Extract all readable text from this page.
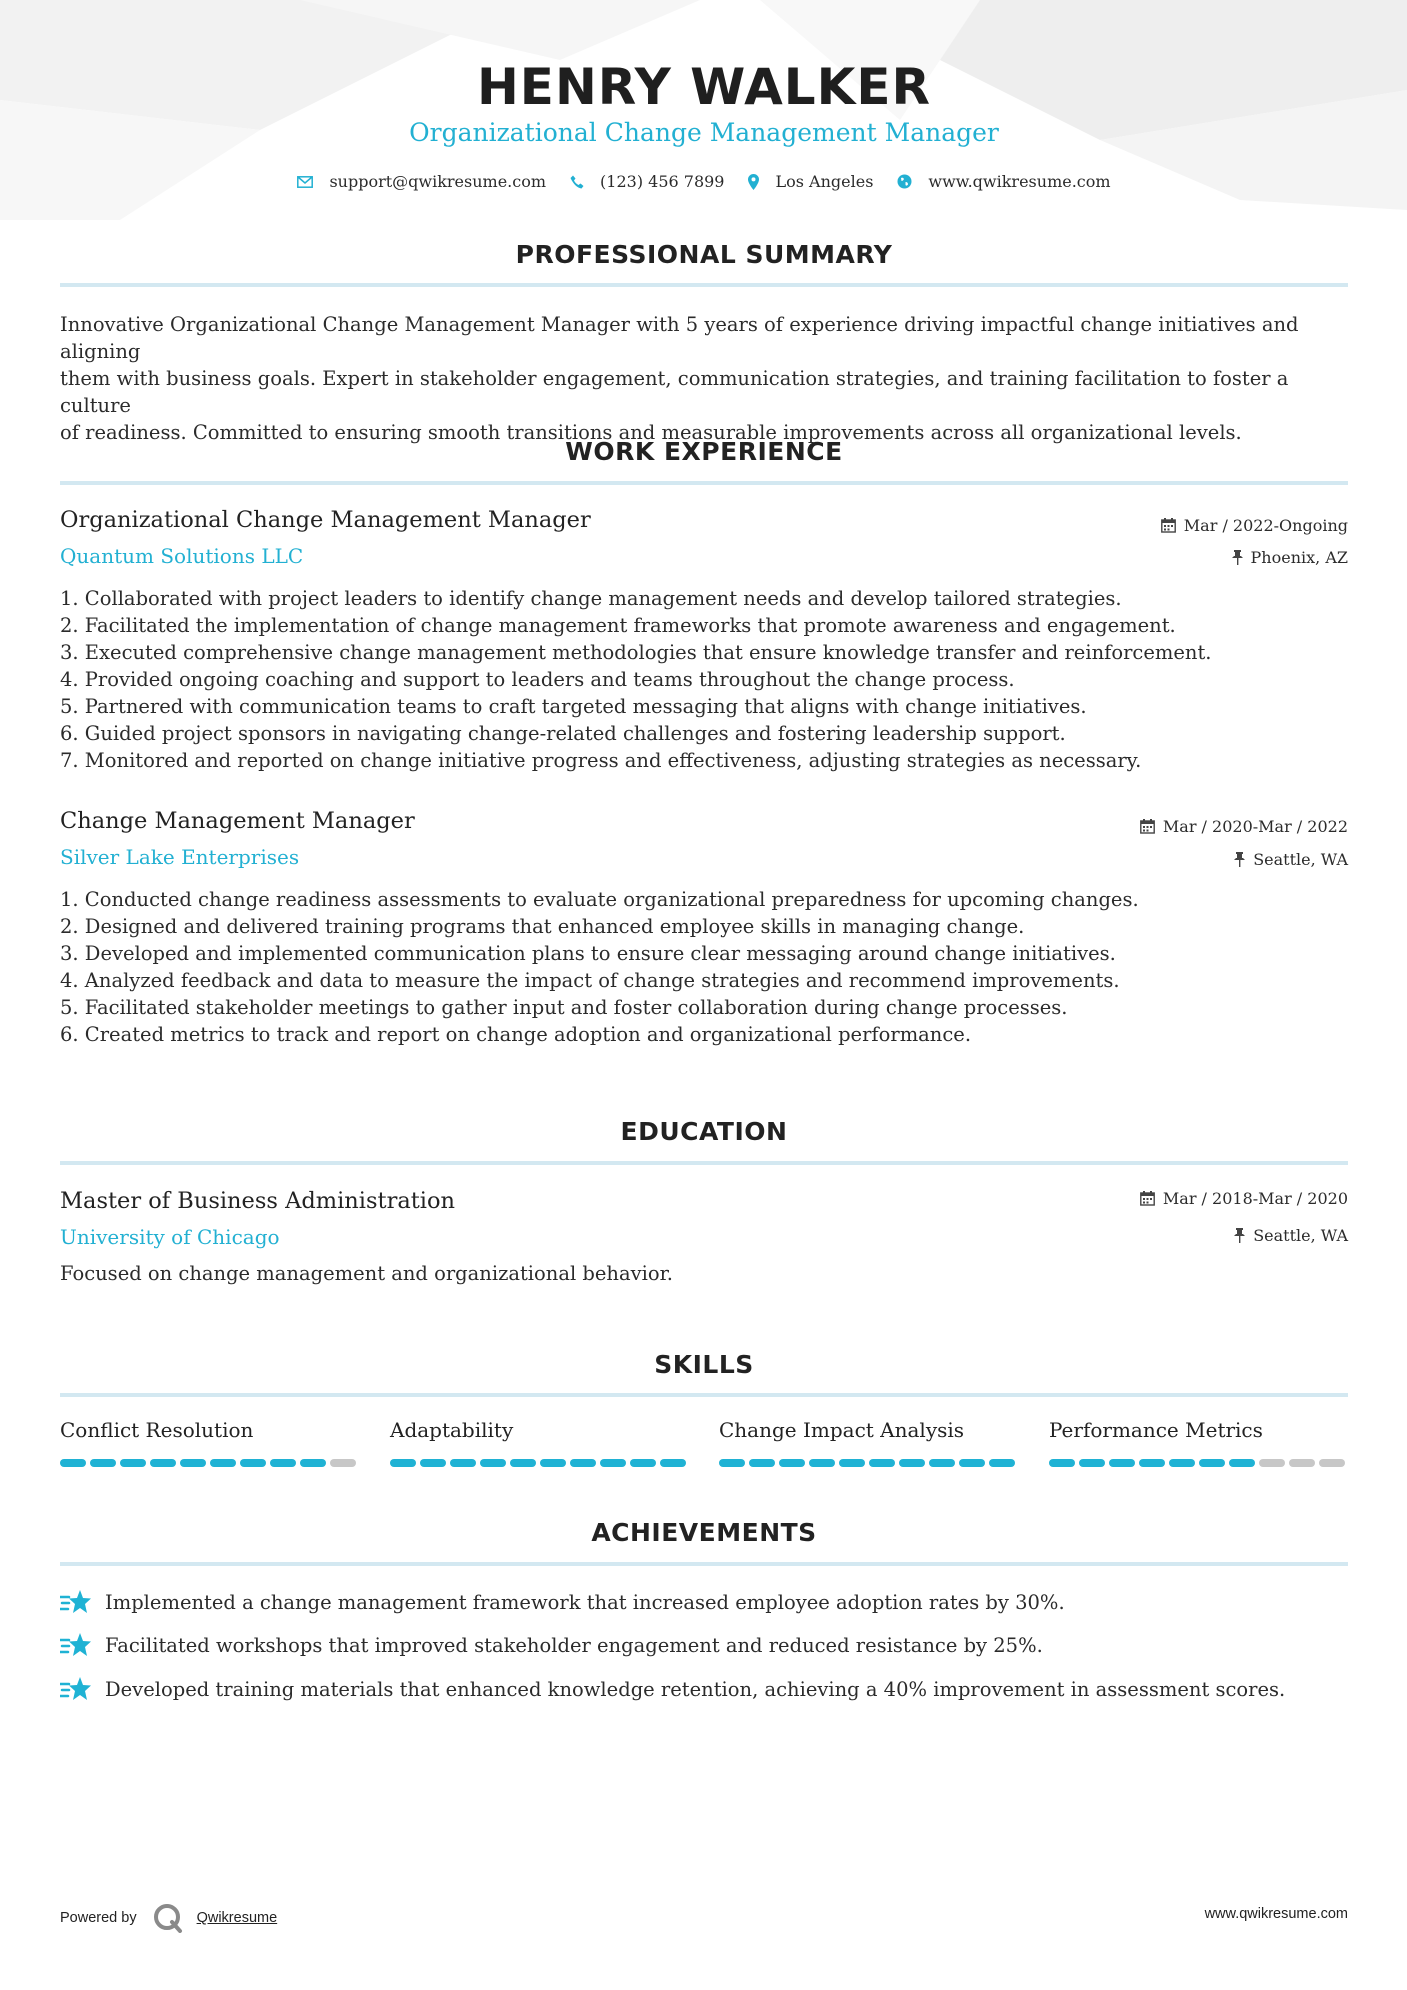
HENRY WALKER
Organizational Change Management Manager
support@qwikresume.com	(123) 456 7899	Los Angeles	www.qwikresume.com
PROFESSIONAL SUMMARY
Innovative Organizational Change Management Manager with 5 years of experience driving impactful change initiatives and aligning
them with business goals. Expert in stakeholder engagement, communication strategies, and training facilitation to foster a culture
of readiness. Committed to ensuring smooth transitions and measurable improvements across all organizational levels.
WORK EXPERIENCE
Organizational Change Management Manager
Quantum Solutions LLC
Mar / 2022-Ongoing
Phoenix, AZ
1. Collaborated with project leaders to identify change management needs and develop tailored strategies.
2. Facilitated the implementation of change management frameworks that promote awareness and engagement.
3. Executed comprehensive change management methodologies that ensure knowledge transfer and reinforcement.
4. Provided ongoing coaching and support to leaders and teams throughout the change process.
5. Partnered with communication teams to craft targeted messaging that aligns with change initiatives.
6. Guided project sponsors in navigating change-related challenges and fostering leadership support.
7. Monitored and reported on change initiative progress and effectiveness, adjusting strategies as necessary.
Change Management Manager
Silver Lake Enterprises
Mar / 2020-Mar / 2022
Seattle, WA
1. Conducted change readiness assessments to evaluate organizational preparedness for upcoming changes.
2. Designed and delivered training programs that enhanced employee skills in managing change.
3. Developed and implemented communication plans to ensure clear messaging around change initiatives.
4. Analyzed feedback and data to measure the impact of change strategies and recommend improvements.
5. Facilitated stakeholder meetings to gather input and foster collaboration during change processes.
6. Created metrics to track and report on change adoption and organizational performance.
EDUCATION
Master of Business Administration
University of Chicago
Mar / 2018-Mar / 2020
Seattle, WA
Focused on change management and organizational behavior.
SKILLS
Conflict Resolution	Adaptability	Change Impact Analysis	Performance Metrics
ACHIEVEMENTS
Implemented a change management framework that increased employee adoption rates by 30%.
Facilitated workshops that improved stakeholder engagement and reduced resistance by 25%.
Developed training materials that enhanced knowledge retention, achieving a 40% improvement in assessment scores.
Powered by	Qwikresume	www.qwikresume.com
